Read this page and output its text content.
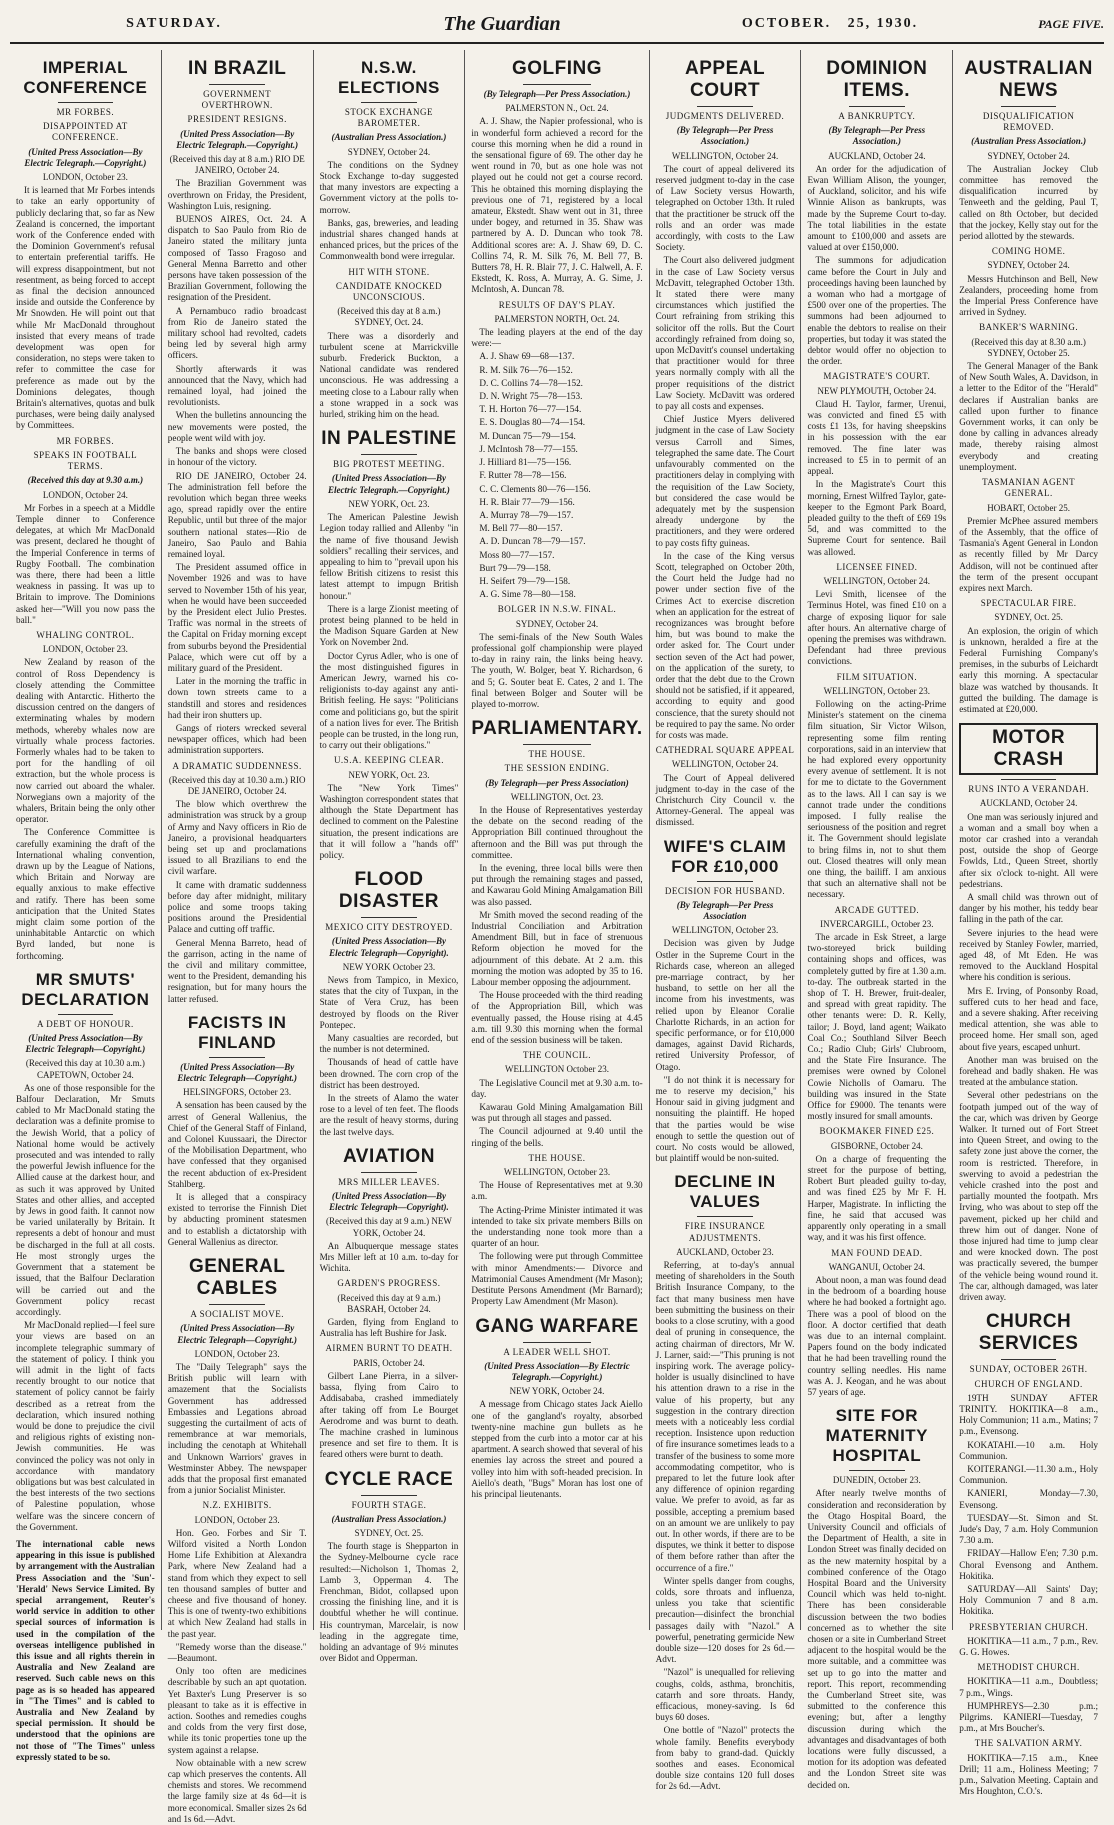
SATURDAY.	The Guardian	OCTOBER. 25, 1930.	PAGE FIVE.
IMPERIAL CONFERENCE
MR FORBES.
DISAPPOINTED AT CONFERENCE.
(United Press Association—By Electric Telegraph.—Copyright.)
LONDON, October 23.

It is learned that Mr Forbes intends to take an early opportunity of publicly declaring that, so far as New Zealand is concerned, the important work of the Conference ended with the Dominion Government's refusal to entertain preferential tariffs. He will express disappointment, but not resentment, as being forced to accept as final the decision announced inside and outside the Conference by Mr Snowden. He will point out that while Mr MacDonald throughout insisted that every means of trade development was open for consideration, no steps were taken to refer to committee the case for preference as made out by the Dominions delegates, though Britain's alternatives, quotas and bulk purchases, were being daily analysed by Committees.

MR FORBES.
SPEAKS IN FOOTBALL TERMS.
(Received this day at 9.30 a.m.)
LONDON, October 24.

Mr Forbes in a speech at a Middle Temple dinner to Conference delegates, at which Mr MacDonald was present, declared he thought of the Imperial Conference in terms of Rugby Football. The combination was there, there had been a little weakness in passing. It was up to Britain to improve. The Dominions asked her—"Will you now pass the ball."

WHALING CONTROL.
LONDON, October 23.

New Zealand by reason of the control of Ross Dependency is closely attending the Committee dealing with Antarctic. Hitherto the discussion centred on the dangers of exterminating whales by modern methods, whereby whales now are virtually whale process factories. Formerly whales had to be taken to port for the handling of oil extraction, but the whole process is now carried out aboard the whaler. Norwegians own a majority of the whalers, Britain being the only other operator.

The Conference Committee is carefully examining the draft of the International whaling convention, drawn up by the League of Nations, which Britain and Norway are equally anxious to make effective and ratify. There has been some anticipation that the United States might claim some portion of the uninhabitable Antarctic on which Byrd landed, but none is forthcoming.

MR SMUTS' DECLARATION
A DEBT OF HONOUR.
(United Press Association—By Electric Telegraph—Copyright.)
(Received this day at 10.30 a.m.) CAPETOWN, October 24.

As one of those responsible for the Balfour Declaration, Mr Smuts cabled to Mr MacDonald stating the declaration was a definite promise to the Jewish World, that a policy of National home would be actively prosecuted and was intended to rally the powerful Jewish influence for the Allied cause at the darkest hour, and as such it was approved by United States and other allies, and accepted by Jews in good faith. It cannot now be varied unilaterally by Britain. It represents a debt of honour and must be discharged in the full at all costs. He most strongly urges the Government that a statement be issued, that the Balfour Declaration will be carried out and the Government policy recast accordingly.

Mr MacDonald replied—I feel sure your views are based on an incomplete telegraphic summary of the statement of policy. I think you will admit in the light of facts recently brought to our notice that statement of policy cannot be fairly described as a retreat from the declaration, which insured nothing would be done to prejudice the civil and religious rights of existing non-Jewish communities. He was convinced the policy was not only in accordance with mandatory obligations but was best calculated in the best interests of the two sections of Palestine population, whose welfare was the sincere concern of the Government.

The international cable news appearing in this issue is published by arrangement with the Australian Press Association and the 'Sun'-'Herald' News Service Limited. By special arrangement, Reuter's world service in addition to other special sources of information is used in the compilation of the overseas intelligence published in this issue and all rights therein in Australia and New Zealand are reserved. Such cable news on this page as is so headed has appeared in "The Times" and is cabled to Australia and New Zealand by special permission. It should be understood that the opinions are not those of "The Times" unless expressly stated to be so.

IN BRAZIL
GOVERNMENT OVERTHROWN.
PRESIDENT RESIGNS.
(United Press Association—By Electric Telegraph.—Copyright.)
(Received this day at 8 a.m.) RIO DE JANEIRO, October 24.

The Brazilian Government was overthrown on Friday, the President, Washington Luis, resigning.

BUENOS AIRES, Oct. 24. A dispatch to Sao Paulo from Rio de Janeiro stated the military junta composed of Tasso Fragoso and General Menna Barretto and other persons have taken possession of the Brazilian Government, following the resignation of the President.

A Pernambuco radio broadcast from Rio de Janeiro stated the military school had revolted, cadets being led by several high army officers.

Shortly afterwards it was announced that the Navy, which had remained loyal, had joined the revolutionists.

When the bulletins announcing the new movements were posted, the people went wild with joy.

The banks and shops were closed in honour of the victory.

RIO DE JANEIRO, October 24. The administration fell before the revolution which began three weeks ago, spread rapidly over the entire Republic, until but three of the major southern national states—Rio de Janeiro, Sao Paulo and Bahia remained loyal.

The President assumed office in November 1926 and was to have served to November 15th of his year, when he would have been succeeded by the President elect Julio Prestes. Traffic was normal in the streets of the Capital on Friday morning except from suburbs beyond the Presidential Palace, which were cut off by a military guard of the President.

Later in the morning the traffic in down town streets came to a standstill and stores and residences had their iron shutters up.

Gangs of rioters wrecked several newspaper offices, which had been administration supporters.

A DRAMATIC SUDDENNESS.
(Received this day at 10.30 a.m.) RIO DE JANEIRO, October 24.

The blow which overthrew the administration was struck by a group of Army and Navy officers in Rio de Janeiro, a provisional headquarters being set up and proclamations issued to all Brazilians to end the civil warfare.

It came with dramatic suddenness before day after midnight, military police and some troops taking positions around the Presidential Palace and cutting off traffic.

General Menna Barreto, head of the garrison, acting in the name of the civil and military committee, went to the President, demanding his resignation, but for many hours the latter refused.

FACISTS IN FINLAND
(United Press Association—By Electric Telegraph—Copyright.)
HELSINGFORS, October 23.

A sensation has been caused by the arrest of General Wallenius, the Chief of the General Staff of Finland, and Colonel Kuussaari, the Director of the Mobilisation Department, who have confessed that they organised the recent abduction of ex-President Stahlberg.

It is alleged that a conspiracy existed to terrorise the Finnish Diet by abducting prominent statesmen and to establish a dictatorship with General Wallenius as director.

GENERAL CABLES
A SOCIALIST MOVE.
(United Press Association—By Electric Telegraph—Copyright.)
LONDON, October 23.

The "Daily Telegraph" says the British public will learn with amazement that the Socialists Government has addressed Embassies and Legations abroad suggesting the curtailment of acts of remembrance at war memorials, including the cenotaph at Whitehall and Unknown Warriors' graves in Westminster Abbey. The newspaper adds that the proposal first emanated from a junior Socialist Minister.

N.Z. EXHIBITS.
LONDON, October 23.

Hon. Geo. Forbes and Sir T. Wilford visited a North London Home Life Exhibition at Alexandra Park, where New Zealand had a stand from which they expect to sell ten thousand samples of butter and cheese and five thousand of honey. This is one of twenty-two exhibitions at which New Zealand had stalls in the past year.

"Remedy worse than the disease." —Beaumont.

Only too often are medicines describable by such an apt quotation. Yet Baxter's Lung Preserver is so pleasant to take as it is effective in action. Soothes and remedies coughs and colds from the very first dose, while its tonic properties tone up the system against a relapse.

Now obtainable with a new screw cap which preserves the contents. All chemists and stores. We recommend the large family size at 4s 6d—it is more economical. Smaller sizes 2s 6d and 1s 6d.—Advt.

N.S.W. ELECTIONS
STOCK EXCHANGE BAROMETER.
(Australian Press Association.)
SYDNEY, October 24.

The conditions on the Sydney Stock Exchange to-day suggested that many investors are expecting a Government victory at the polls to-morrow.

Banks, gas, breweries, and leading industrial shares changed hands at enhanced prices, but the prices of the Commonwealth bond were irregular.

HIT WITH STONE.
CANDIDATE KNOCKED UNCONSCIOUS.
(Received this day at 8 a.m.) SYDNEY, Oct. 24.

There was a disorderly and turbulent scene at Marrickville suburb. Frederick Buckton, a National candidate was rendered unconscious. He was addressing a meeting close to a Labour rally when a stone wrapped in a sock was hurled, striking him on the head.

IN PALESTINE
BIG PROTEST MEETING.
(United Press Association—By Electric Telegraph.—Copyright.)
NEW YORK, Oct. 23.

The American Palestine Jewish Legion today rallied and Allenby "in the name of five thousand Jewish soldiers" recalling their services, and appealing to him to "prevail upon his fellow British citizens to resist this latest attempt to impugn British honour."

There is a large Zionist meeting of protest being planned to be held in the Madison Square Garden at New York on November 2nd.

Doctor Cyrus Adler, who is one of the most distinguished figures in American Jewry, warned his co-religionists to-day against any anti-British feeling. He says: "Politicians come and politicians go, but the spirit of a nation lives for ever. The British people can be trusted, in the long run, to carry out their obligations."

U.S.A. KEEPING CLEAR.
NEW YORK, Oct. 23.

The "New York Times" Washington correspondent states that although the State Department has declined to comment on the Palestine situation, the present indications are that it will follow a "hands off" policy.

FLOOD DISASTER
MEXICO CITY DESTROYED.
(United Press Association—By Electric Telegraph—Copyright).
NEW YORK October 23.

News from Tampico, in Mexico, states that the city of Tuxpan, in the State of Vera Cruz, has been destroyed by floods on the River Pontepec.

Many casualties are recorded, but the number is not determined.

Thousands of head of cattle have been drowned. The corn crop of the district has been destroyed.

In the streets of Alamo the water rose to a level of ten feet. The floods are the result of heavy storms, during the last twelve days.

AVIATION
MRS MILLER LEAVES.
(United Press Association—By Electric Telegraph—Copyright).
(Received this day at 9 a.m.) NEW YORK, October 24.

An Albuquerque message states Mrs Miller left at 10 a.m. to-day for Wichita.

GARDEN'S PROGRESS.
(Received this day at 9 a.m.) BASRAH, October 24.

Garden, flying from England to Australia has left Bushire for Jask.

AIRMEN BURNT TO DEATH.
PARIS, October 24.

Gilbert Lane Pierra, in a silver-bassa, flying from Cairo to Addisababa, crashed immediately after taking off from Le Bourget Aerodrome and was burnt to death. The machine crashed in luminous presence and set fire to them. It is feared others were burnt to death.

CYCLE RACE
FOURTH STAGE.
(Australian Press Association.)
SYDNEY, Oct. 25.

The fourth stage is Shepparton in the Sydney-Melbourne cycle race resulted:—Nicholson 1, Thomas 2, Lamb 3, Opperman 4. The Frenchman, Bidot, collapsed upon crossing the finishing line, and it is doubtful whether he will continue. His countryman, Marcelair, is now leading in the aggregate time, holding an advantage of 9½ minutes over Bidot and Opperman.

GOLFING
(By Telegraph—Per Press Association.)
PALMERSTON N., Oct. 24.

A. J. Shaw, the Napier professional, who is in wonderful form achieved a record for the course this morning when he did a round in the sensational figure of 69. The other day he went round in 70, but as one hole was not played out he could not get a course record. This he obtained this morning displaying the previous one of 71, registered by a local amateur, Ekstedt. Shaw went out in 31, three under bogey, and returned in 35. Shaw was partnered by A. D. Duncan who took 78. Additional scores are: A. J. Shaw 69, D. C. Collins 74, R. M. Silk 76, M. Bell 77, B. Butters 78, H. R. Blair 77, J. C. Halwell, A. F. Ekstedt, K. Ross, A. Murray, A. G. Sime, J. McIntosh, A. Duncan 78.

RESULTS OF DAY'S PLAY.
PALMERSTON NORTH, Oct. 24.

The leading players at the end of the day were:—

A. J. Shaw 69—68—137.

R. M. Silk 76—76—152.

D. C. Collins 74—78—152.

D. N. Wright 75—78—153.

T. H. Horton 76—77—154.

E. S. Douglas 80—74—154.

M. Duncan 75—79—154.

J. McIntosh 78—77—155.

J. Hilliard 81—75—156.

F. Rutter 78—78—156.

C. C. Clements 80—76—156.

H. R. Blair 77—79—156.

A. Murray 78—79—157.

M. Bell 77—80—157.

A. D. Duncan 78—79—157.

Moss 80—77—157.

Burt 79—79—158.

H. Seifert 79—79—158.

A. G. Sime 78—80—158.

BOLGER IN N.S.W. FINAL.
SYDNEY, October 24.

The semi-finals of the New South Wales professional golf championship were played to-day in rainy rain, the links being heavy. The youth, W. Bolger, beat Y. Richardson, 6 and 5; G. Souter beat E. Cates, 2 and 1. The final between Bolger and Souter will be played to-morrow.

PARLIAMENTARY.
THE HOUSE.
THE SESSION ENDING.
(By Telegraph—per Press Association)
WELLINGTON, Oct. 23.

In the House of Representatives yesterday the debate on the second reading of the Appropriation Bill continued throughout the afternoon and the Bill was put through the committee.

In the evening, three local bills were then put through the remaining stages and passed, and Kawarau Gold Mining Amalgamation Bill was also passed.

Mr Smith moved the second reading of the Industrial Conciliation and Arbitration Amendment Bill, but in face of strenuous Reform objection he moved for the adjournment of this debate. At 2 a.m. this morning the motion was adopted by 35 to 16. Labour member opposing the adjournment.

The House proceeded with the third reading of the Appropriation Bill, which was eventually passed, the House rising at 4.45 a.m. till 9.30 this morning when the formal end of the session business will be taken.

THE COUNCIL.
WELLINGTON October 23.

The Legislative Council met at 9.30 a.m. to-day.

Kawarau Gold Mining Amalgamation Bill was put through all stages and passed.

The Council adjourned at 9.40 until the ringing of the bells.

THE HOUSE.
WELLINGTON, October 23.

The House of Representatives met at 9.30 a.m.

The Acting-Prime Minister intimated it was intended to take six private members Bills on the understanding none took more than a quarter of an hour.

The following were put through Committee with minor Amendments:— Divorce and Matrimonial Causes Amendment (Mr Mason); Destitute Persons Amendment (Mr Barnard); Property Law Amendment (Mr Mason).

GANG WARFARE
A LEADER WELL SHOT.
(United Press Association—By Electric Telegraph.—Copyright.)
NEW YORK, October 24.

A message from Chicago states Jack Aiello one of the gangland's royalty, absorbed twenty-nine machine gun bullets as he stepped from the curb into a motor car at his apartment. A search showed that several of his enemies lay across the street and poured a volley into him with soft-headed precision. In Aiello's death, "Bugs" Moran has lost one of his principal lieutenants.

APPEAL COURT
JUDGMENTS DELIVERED.
(By Telegraph—Per Press Association.)
WELLINGTON, October 24.

The court of appeal delivered its reserved judgment to-day in the case of Law Society versus Howarth, telegraphed on October 13th. It ruled that the practitioner be struck off the rolls and an order was made accordingly, with costs to the Law Society.

The Court also delivered judgment in the case of Law Society versus McDavitt, telegraphed October 13th. It stated there were many circumstances which justified the Court refraining from striking this solicitor off the rolls. But the Court accordingly refrained from doing so, upon McDavitt's counsel undertaking that practitioner would for three years normally comply with all the proper requisitions of the district Law Society. McDavitt was ordered to pay all costs and expenses.

Chief Justice Myers delivered judgment in the case of Law Society versus Carroll and Simes, telegraphed the same date. The Court unfavourably commented on the practitioners delay in complying with the requisition of the Law Society, but considered the case would be adequately met by the suspension already undergone by the practitioners, and they were ordered to pay costs fifty guineas.

In the case of the King versus Scott, telegraphed on October 20th, the Court held the Judge had no power under section five of the Crimes Act to exercise discretion when an application for the estreat of recognizances was brought before him, but was bound to make the order asked for. The Court under section seven of the Act had power, on the application of the surety, to order that the debt due to the Crown should not be satisfied, if it appeared, according to equity and good conscience, that the surety should not be required to pay the same. No order for costs was made.

CATHEDRAL SQUARE APPEAL
WELLINGTON, October 24.

The Court of Appeal delivered judgment to-day in the case of the Christchurch City Council v. the Attorney-General. The appeal was dismissed.

WIFE'S CLAIM FOR £10,000
DECISION FOR HUSBAND.
(By Telegraph—Per Press Association
WELLINGTON, October 23.

Decision was given by Judge Ostler in the Supreme Court in the Richards case, whereon an alleged pre-marriage contract, by her husband, to settle on her all the income from his investments, was relied upon by Eleanor Coralie Charlotte Richards, in an action for specific performance, or for £10,000 damages, against David Richards, retired University Professor, of Otago.

"I do not think it is necessary for me to reserve my decision," his Honour said in giving judgment and nonsuiting the plaintiff. He hoped that the parties would be wise enough to settle the question out of court. No costs would be allowed, but plaintiff would be non-suited.

DECLINE IN VALUES
FIRE INSURANCE ADJUSTMENTS.
AUCKLAND, October 23.

Referring, at to-day's annual meeting of shareholders in the South British Insurance Company, to the fact that many business men have been submitting the business on their books to a close scrutiny, with a good deal of pruning in consequence, the acting chairman of directors, Mr W. J. Larner, said:—"This pruning is not inspiring work. The average policy-holder is usually disinclined to have his attention drawn to a rise in the value of his property, but any suggestion in the contrary direction meets with a noticeably less cordial reception. Insistence upon reduction of fire insurance sometimes leads to a transfer of the business to some more accommodating competitor, who is prepared to let the future look after any difference of opinion regarding value. We prefer to avoid, as far as possible, accepting a premium based on an amount we are unlikely to pay out. In other words, if there are to be disputes, we think it better to dispose of them before rather than after the occurrence of a fire."

Winter spells danger from coughs, colds, sore throats and influenza, unless you take that scientific precaution—disinfect the bronchial passages daily with "Nazol." A powerful, penetrating germicide New double size—120 doses for 2s 6d.—Advt.

"Nazol" is unequalled for relieving coughs, colds, asthma, bronchitis, catarrh and sore throats. Handy, efficacious, money-saving. Is 6d buys 60 doses.

One bottle of "Nazol" protects the whole family. Benefits everybody from baby to grand-dad. Quickly soothes and eases. Economical double size contains 120 full doses for 2s 6d.—Advt.

DOMINION ITEMS.
A BANKRUPTCY.
(By Telegraph—Per Press Association.)
AUCKLAND, October 24.

An order for the adjudication of Ewan William Alison, the younger, of Auckland, solicitor, and his wife Winnie Alison as bankrupts, was made by the Supreme Court to-day. The total liabilities in the estate amount to £100,000 and assets are valued at over £150,000.

The summons for adjudication came before the Court in July and proceedings having been launched by a woman who had a mortgage of £500 over one of the properties. The summons had been adjourned to enable the debtors to realise on their properties, but today it was stated the debtor would offer no objection to the order.

MAGISTRATE'S COURT.
NEW PLYMOUTH, October 24.

Claud H. Taylor, farmer, Urenui, was convicted and fined £5 with costs £1 13s, for having sheepskins in his possession with the ear removed. The fine later was increased to £5 in to permit of an appeal.

In the Magistrate's Court this morning, Ernest Wilfred Taylor, gate-keeper to the Egmont Park Board, pleaded guilty to the theft of £69 19s 5d, and was committed to the Supreme Court for sentence. Bail was allowed.

LICENSEE FINED.
WELLINGTON, October 24.

Levi Smith, licensee of the Terminus Hotel, was fined £10 on a charge of exposing liquor for sale after hours. An alternative charge of opening the premises was withdrawn. Defendant had three previous convictions.

FILM SITUATION.
WELLINGTON, October 23.

Following on the acting-Prime Minister's statement on the cinema film situation, Sir Victor Wilson, representing some film renting corporations, said in an interview that he had explored every opportunity every avenue of settlement. It is not for me to dictate to the Government as to the laws. All I can say is we cannot trade under the conditions imposed. I fully realise the seriousness of the position and regret it. The Government should legislate to bring films in, not to shut them out. Closed theatres will only mean one thing, the bailiff. I am anxious that such an alternative shall not be necessary.

ARCADE GUTTED.
INVERCARGILL, October 23.

The arcade in Esk Street, a large two-storeyed brick building containing shops and offices, was completely gutted by fire at 1.30 a.m. to-day. The outbreak started in the shop of T. H. Brewer, fruit-dealer, and spread with great rapidity. The other tenants were: D. R. Kelly, tailor; J. Boyd, land agent; Waikato Coal Co.; Southland Silver Beech Co.; Radio Club; Girls' Clubroom, and the State Fire Insurance. The premises were owned by Colonel Cowie Nicholls of Oamaru. The building was insured in the State Office for £9000. The tenants were mostly insured for small amounts.

BOOKMAKER FINED £25.
GISBORNE, October 24.

On a charge of frequenting the street for the purpose of betting, Robert Burt pleaded guilty to-day, and was fined £25 by Mr F. H. Harper, Magistrate. In inflicting the fine, he said that accused was apparently only operating in a small way, and it was his first offence.

MAN FOUND DEAD.
WANGANUI, October 24.

About noon, a man was found dead in the bedroom of a boarding house where he had booked a fortnight ago. There was a pool of blood on the floor. A doctor certified that death was due to an internal complaint. Papers found on the body indicated that he had been travelling round the country selling needles. His name was A. J. Keogan, and he was about 57 years of age.

SITE FOR MATERNITY HOSPITAL
DUNEDIN, October 23.

After nearly twelve months of consideration and reconsideration by the Otago Hospital Board, the University Council and officials of the Department of Health, a site in London Street was finally decided on as the new maternity hospital by a combined conference of the Otago Hospital Board and the University Council which was held to-night. There has been considerable discussion between the two bodies concerned as to whether the site chosen or a site in Cumberland Street adjacent to the hospital would be the more suitable, and a committee was set up to go into the matter and report. This report, recommending the Cumberland Street site, was submitted to the conference this evening; but, after a lengthy discussion during which the advantages and disadvantages of both locations were fully discussed, a motion for its adoption was defeated and the London Street site was decided on.

AUSTRALIAN NEWS
DISQUALIFICATION REMOVED.
(Australian Press Association.)
SYDNEY, October 24.

The Australian Jockey Club committee has removed the disqualification incurred by Tenweeth and the gelding, Paul T, called on 8th October, but decided that the jockey, Kelly stay out for the period allotted by the stewards.

COMING HOME.
SYDNEY, October 24.

Messrs Hutchinson and Bell, New Zealanders, proceeding home from the Imperial Press Conference have arrived in Sydney.

BANKER'S WARNING.
(Received this day at 8.30 a.m.) SYDNEY, October 25.

The General Manager of the Bank of New South Wales, A. Davidson, in a letter to the Editor of the "Herald" declares if Australian banks are called upon further to finance Government works, it can only be done by calling in advances already made, thereby raising almost everybody and creating unemployment.

TASMANIAN AGENT GENERAL.
HOBART, October 25.

Premier McPhee assured members of the Assembly, that the office of Tasmania's Agent General in London as recently filled by Mr Darcy Addison, will not be continued after the term of the present occupant expires next March.

SPECTACULAR FIRE.
SYDNEY, Oct. 25.

An explosion, the origin of which is unknown, heralded a fire at the Federal Furnishing Company's premises, in the suburbs of Leichardt early this morning. A spectacular blaze was watched by thousands. It gutted the building. The damage is estimated at £20,000.

MOTOR CRASH
RUNS INTO A VERANDAH.
AUCKLAND, October 24.

One man was seriously injured and a woman and a small boy when a motor car crashed into a verandah post, outside the shop of George Fowlds, Ltd., Queen Street, shortly after six o'clock to-night. All were pedestrians.

A small child was thrown out of danger by his mother, his teddy bear falling in the path of the car.

Severe injuries to the head were received by Stanley Fowler, married, aged 48, of Mt Eden. He was removed to the Auckland Hospital where his condition is serious.

Mrs E. Irving, of Ponsonby Road, suffered cuts to her head and face, and a severe shaking. After receiving medical attention, she was able to proceed home. Her small son, aged about five years, escaped unhurt.

Another man was bruised on the forehead and badly shaken. He was treated at the ambulance station.

Several other pedestrians on the footpath jumped out of the way of the car, which was driven by George Walker. It turned out of Fort Street into Queen Street, and owing to the safety zone just above the corner, the room is restricted. Therefore, in swerving to avoid a pedestrian the vehicle crashed into the post and partially mounted the footpath. Mrs Irving, who was about to step off the pavement, picked up her child and threw him out of danger. None of those injured had time to jump clear and were knocked down. The post was practically severed, the bumper of the vehicle being wound round it. The car, although damaged, was later driven away.

CHURCH SERVICES
SUNDAY, OCTOBER 26TH.
CHURCH OF ENGLAND.

19TH SUNDAY AFTER TRINITY. HOKITIKA—8 a.m., Holy Communion; 11 a.m., Matins; 7 p.m., Evensong.

KOKATAHI.—10 a.m. Holy Communion.

KOITERANGI.—11.30 a.m., Holy Communion.

KANIERI, Monday—7.30, Evensong.

TUESDAY—St. Simon and St. Jude's Day, 7 a.m. Holy Communion 7.30 a.m.

FRIDAY—Hallow E'en; 7.30 p.m. Choral Evensong and Anthem. Hokitika.

SATURDAY—All Saints' Day; Holy Communion 7 and 8 a.m. Hokitika.

PRESBYTERIAN CHURCH.

HOKITIKA—11 a.m., 7 p.m., Rev. G. G. Howes.

METHODIST CHURCH.

HOKITIKA—11 a.m., Doubtless; 7 p.m., Wings.

HUMPHREYS—2.30 p.m.; Pilgrims. KANIERI—Tuesday, 7 p.m., at Mrs Boucher's.

THE SALVATION ARMY.

HOKITIKA—7.15 a.m., Knee Drill; 11 a.m., Holiness Meeting; 7 p.m., Salvation Meeting. Captain and Mrs Houghton, C.O.'s.
